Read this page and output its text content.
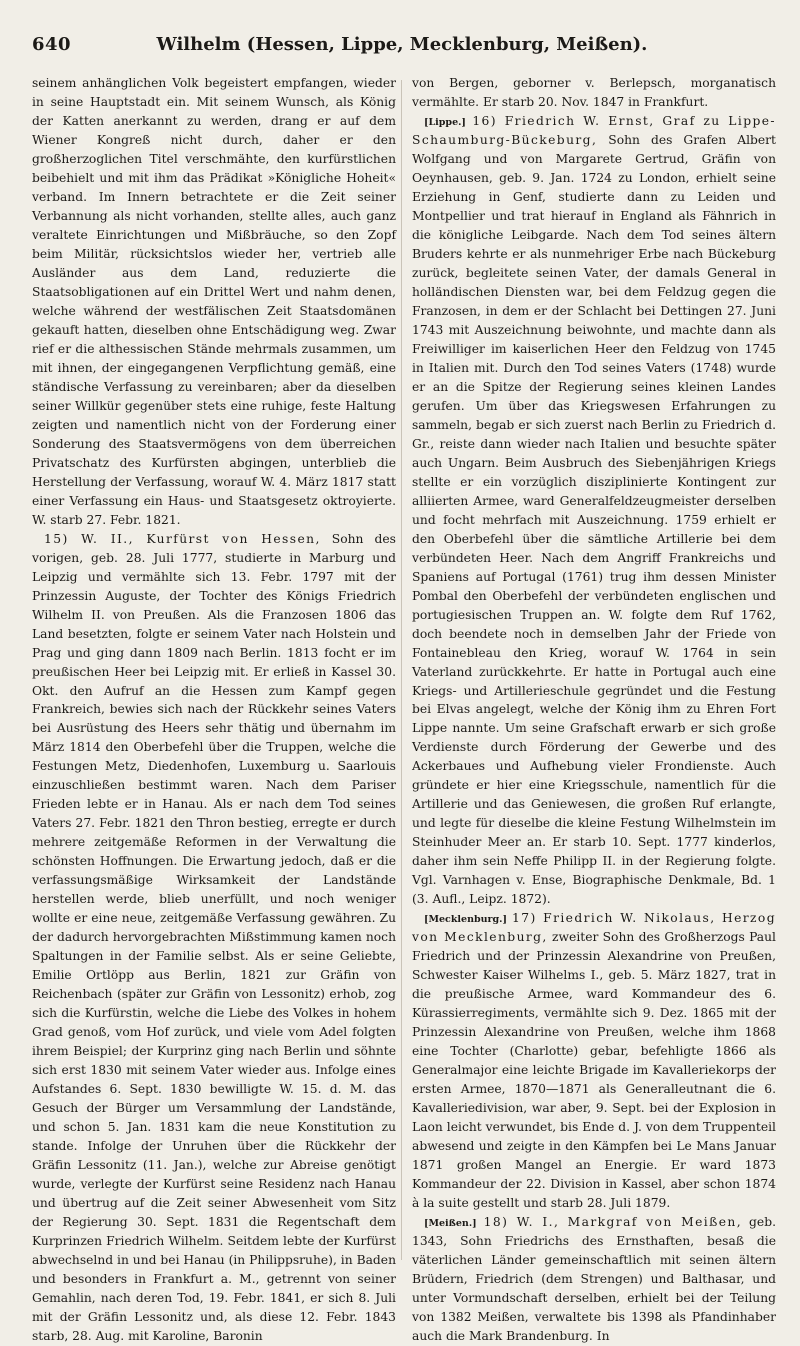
640	Wilhelm (Hessen, Lippe, Mecklenburg, Meißen).

seinem anhänglichen Volk begeistert empfangen, wieder in seine Hauptstadt ein. Mit seinem Wunsch, als König der Katten anerkannt zu werden, drang er auf dem Wiener Kongreß nicht durch, daher er den großherzoglichen Titel verschmähte, den kurfürstlichen beibehielt und mit ihm das Prädikat »Königliche Hoheit« verband. Im Innern betrachtete er die Zeit seiner Verbannung als nicht vorhanden, stellte alles, auch ganz veraltete Einrichtungen und Mißbräuche, so den Zopf beim Militär, rücksichtslos wieder her, vertrieb alle Ausländer aus dem Land, reduzierte die Staatsobligationen auf ein Drittel Wert und nahm denen, welche während der westfälischen Zeit Staatsdomänen gekauft hatten, dieselben ohne Entschädigung weg. Zwar rief er die althessischen Stände mehrmals zusammen, um mit ihnen, der eingegangenen Verpflichtung gemäß, eine ständische Verfassung zu vereinbaren; aber da dieselben seiner Willkür gegenüber stets eine ruhige, feste Haltung zeigten und namentlich nicht von der Forderung einer Sonderung des Staatsvermögens von dem überreichen Privatschatz des Kurfürsten abgingen, unterblieb die Herstellung der Verfassung, worauf W. 4. März 1817 statt einer Verfassung ein Haus- und Staatsgesetz oktroyierte. W. starb 27. Febr. 1821.

15) W. II., Kurfürst von Hessen, Sohn des vorigen, geb. 28. Juli 1777, studierte in Marburg und Leipzig und vermählte sich 13. Febr. 1797 mit der Prinzessin Auguste, der Tochter des Königs Friedrich Wilhelm II. von Preußen. Als die Franzosen 1806 das Land besetzten, folgte er seinem Vater nach Holstein und Prag und ging dann 1809 nach Berlin. 1813 focht er im preußischen Heer bei Leipzig mit. Er erließ in Kassel 30. Okt. den Aufruf an die Hessen zum Kampf gegen Frankreich, bewies sich nach der Rückkehr seines Vaters bei Ausrüstung des Heers sehr thätig und übernahm im März 1814 den Oberbefehl über die Truppen, welche die Festungen Metz, Diedenhofen, Luxemburg u. Saarlouis einzuschließen bestimmt waren. Nach dem Pariser Frieden lebte er in Hanau. Als er nach dem Tod seines Vaters 27. Febr. 1821 den Thron bestieg, erregte er durch mehrere zeitgemäße Reformen in der Verwaltung die schönsten Hoffnungen. Die Erwartung jedoch, daß er die verfassungsmäßige Wirksamkeit der Landstände herstellen werde, blieb unerfüllt, und noch weniger wollte er eine neue, zeitgemäße Verfassung gewähren. Zu der dadurch hervorgebrachten Mißstimmung kamen noch Spaltungen in der Familie selbst. Als er seine Geliebte, Emilie Ortlöpp aus Berlin, 1821 zur Gräfin von Reichenbach (später zur Gräfin von Lessonitz) erhob, zog sich die Kurfürstin, welche die Liebe des Volkes in hohem Grad genoß, vom Hof zurück, und viele vom Adel folgten ihrem Beispiel; der Kurprinz ging nach Berlin und söhnte sich erst 1830 mit seinem Vater wieder aus. Infolge eines Aufstandes 6. Sept. 1830 bewilligte W. 15. d. M. das Gesuch der Bürger um Versammlung der Landstände, und schon 5. Jan. 1831 kam die neue Konstitution zu stande. Infolge der Unruhen über die Rückkehr der Gräfin Lessonitz (11. Jan.), welche zur Abreise genötigt wurde, verlegte der Kurfürst seine Residenz nach Hanau und übertrug auf die Zeit seiner Abwesenheit vom Sitz der Regierung 30. Sept. 1831 die Regentschaft dem Kurprinzen Friedrich Wilhelm. Seitdem lebte der Kurfürst abwechselnd in und bei Hanau (in Philippsruhe), in Baden und besonders in Frankfurt a. M., getrennt von seiner Gemahlin, nach deren Tod, 19. Febr. 1841, er sich 8. Juli mit der Gräfin Lessonitz und, als diese 12. Febr. 1843 starb, 28. Aug. mit Karoline, Baronin

von Bergen, geborner v. Berlepsch, morganatisch vermählte. Er starb 20. Nov. 1847 in Frankfurt.

[Lippe.] 16) Friedrich W. Ernst, Graf zu Lippe-Schaumburg-Bückeburg, Sohn des Grafen Albert Wolfgang und von Margarete Gertrud, Gräfin von Oeynhausen, geb. 9. Jan. 1724 zu London, erhielt seine Erziehung in Genf, studierte dann zu Leiden und Montpellier und trat hierauf in England als Fähnrich in die königliche Leibgarde. Nach dem Tod seines ältern Bruders kehrte er als nunmehriger Erbe nach Bückeburg zurück, begleitete seinen Vater, der damals General in holländischen Diensten war, bei dem Feldzug gegen die Franzosen, in dem er der Schlacht bei Dettingen 27. Juni 1743 mit Auszeichnung beiwohnte, und machte dann als Freiwilliger im kaiserlichen Heer den Feldzug von 1745 in Italien mit. Durch den Tod seines Vaters (1748) wurde er an die Spitze der Regierung seines kleinen Landes gerufen. Um über das Kriegswesen Erfahrungen zu sammeln, begab er sich zuerst nach Berlin zu Friedrich d. Gr., reiste dann wieder nach Italien und besuchte später auch Ungarn. Beim Ausbruch des Siebenjährigen Kriegs stellte er ein vorzüglich disziplinierte Kontingent zur alliierten Armee, ward Generalfeldzeugmeister derselben und focht mehrfach mit Auszeichnung. 1759 erhielt er den Oberbefehl über die sämtliche Artillerie bei dem verbündeten Heer. Nach dem Angriff Frankreichs und Spaniens auf Portugal (1761) trug ihm dessen Minister Pombal den Oberbefehl der verbündeten englischen und portugiesischen Truppen an. W. folgte dem Ruf 1762, doch beendete noch in demselben Jahr der Friede von Fontainebleau den Krieg, worauf W. 1764 in sein Vaterland zurückkehrte. Er hatte in Portugal auch eine Kriegs- und Artillerieschule gegründet und die Festung bei Elvas angelegt, welche der König ihm zu Ehren Fort Lippe nannte. Um seine Grafschaft erwarb er sich große Verdienste durch Förderung der Gewerbe und des Ackerbaues und Aufhebung vieler Frondienste. Auch gründete er hier eine Kriegsschule, namentlich für die Artillerie und das Geniewesen, die großen Ruf erlangte, und legte für dieselbe die kleine Festung Wilhelmstein im Steinhuder Meer an. Er starb 10. Sept. 1777 kinderlos, daher ihm sein Neffe Philipp II. in der Regierung folgte. Vgl. Varnhagen v. Ense, Biographische Denkmale, Bd. 1 (3. Aufl., Leipz. 1872).

[Mecklenburg.] 17) Friedrich W. Nikolaus, Herzog von Mecklenburg, zweiter Sohn des Großherzogs Paul Friedrich und der Prinzessin Alexandrine von Preußen, Schwester Kaiser Wilhelms I., geb. 5. März 1827, trat in die preußische Armee, ward Kommandeur des 6. Kürassierregiments, vermählte sich 9. Dez. 1865 mit der Prinzessin Alexandrine von Preußen, welche ihm 1868 eine Tochter (Charlotte) gebar, befehligte 1866 als Generalmajor eine leichte Brigade im Kavalleriekorps der ersten Armee, 1870—1871 als Generalleutnant die 6. Kavalleriedivision, war aber, 9. Sept. bei der Explosion in Laon leicht verwundet, bis Ende d. J. von dem Truppenteil abwesend und zeigte in den Kämpfen bei Le Mans Januar 1871 großen Mangel an Energie. Er ward 1873 Kommandeur der 22. Division in Kassel, aber schon 1874 à la suite gestellt und starb 28. Juli 1879.

[Meißen.] 18) W. I., Markgraf von Meißen, geb. 1343, Sohn Friedrichs des Ernsthaften, besaß die väterlichen Länder gemeinschaftlich mit seinen ältern Brüdern, Friedrich (dem Strengen) und Balthasar, und unter Vormundschaft derselben, erhielt bei der Teilung von 1382 Meißen, verwaltete bis 1398 als Pfandinhaber auch die Mark Brandenburg. In
